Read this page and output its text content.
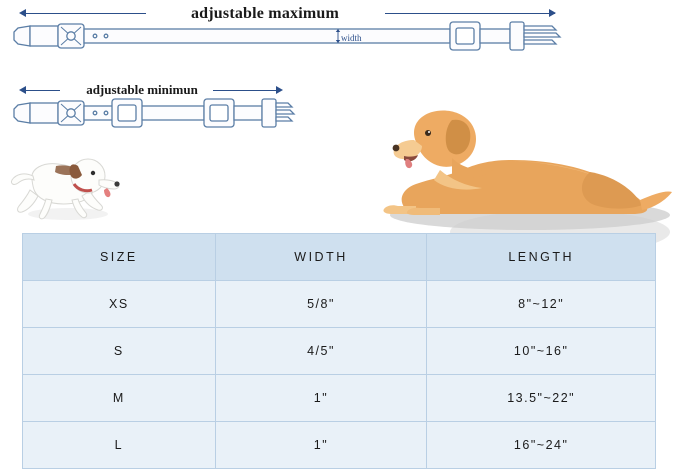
adjustable maximum
width
adjustable minimun
SIZE	WIDTH	LENGTH
XS	5/8"	8"~12"
S	4/5"	10"~16"
M	1"	13.5"~22"
L	1"	16"~24"
